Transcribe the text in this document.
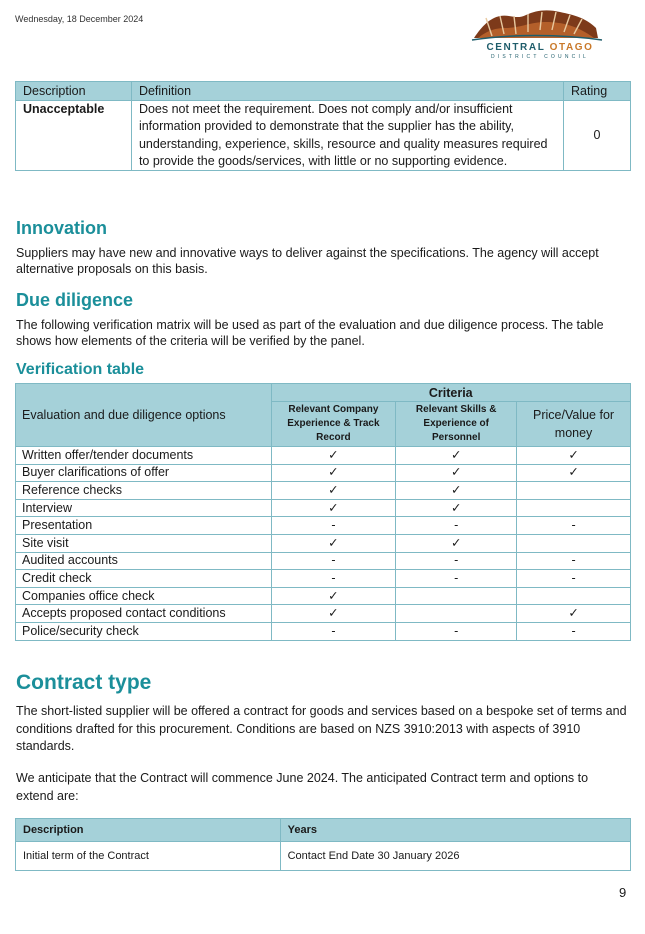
Wednesday, 18 December 2024
CENTRAL OTAGO
DISTRICT COUNCIL
Description	Definition	Rating
Unacceptable	Does not meet the requirement. Does not comply and/or insufficient information provided to demonstrate that the supplier has the ability, understanding, experience, skills, resource and quality measures required to provide the goods/services, with little or no supporting evidence.	0
Innovation

Suppliers may have new and innovative ways to deliver against the specifications. The agency will accept alternative proposals on this basis.

Due diligence

The following verification matrix will be used as part of the evaluation and due diligence process. The table shows how elements of the criteria will be verified by the panel.

Verification table
Evaluation and due diligence options	Criteria		
	Relevant Company Experience & Track Record	Relevant Skills & Experience of Personnel	Price/Value for money
Written offer/tender documents	✓	✓	✓
Buyer clarifications of offer	✓	✓	✓
Reference checks	✓	✓	
Interview	✓	✓	
Presentation	-	-	-
Site visit	✓	✓	
Audited accounts	-	-	-
Credit check	-	-	-
Companies office check	✓		
Accepts proposed contact conditions	✓		✓
Police/security check	-	-	-
Contract type

The short-listed supplier will be offered a contract for goods and services based on a bespoke set of terms and conditions drafted for this procurement. Conditions are based on NZS 3910:2013 with aspects of 3910 standards.

We anticipate that the Contract will commence June 2024. The anticipated Contract term and options to extend are:

Description	Years
Initial term of the Contract	Contact End Date 30 January 2026
9
